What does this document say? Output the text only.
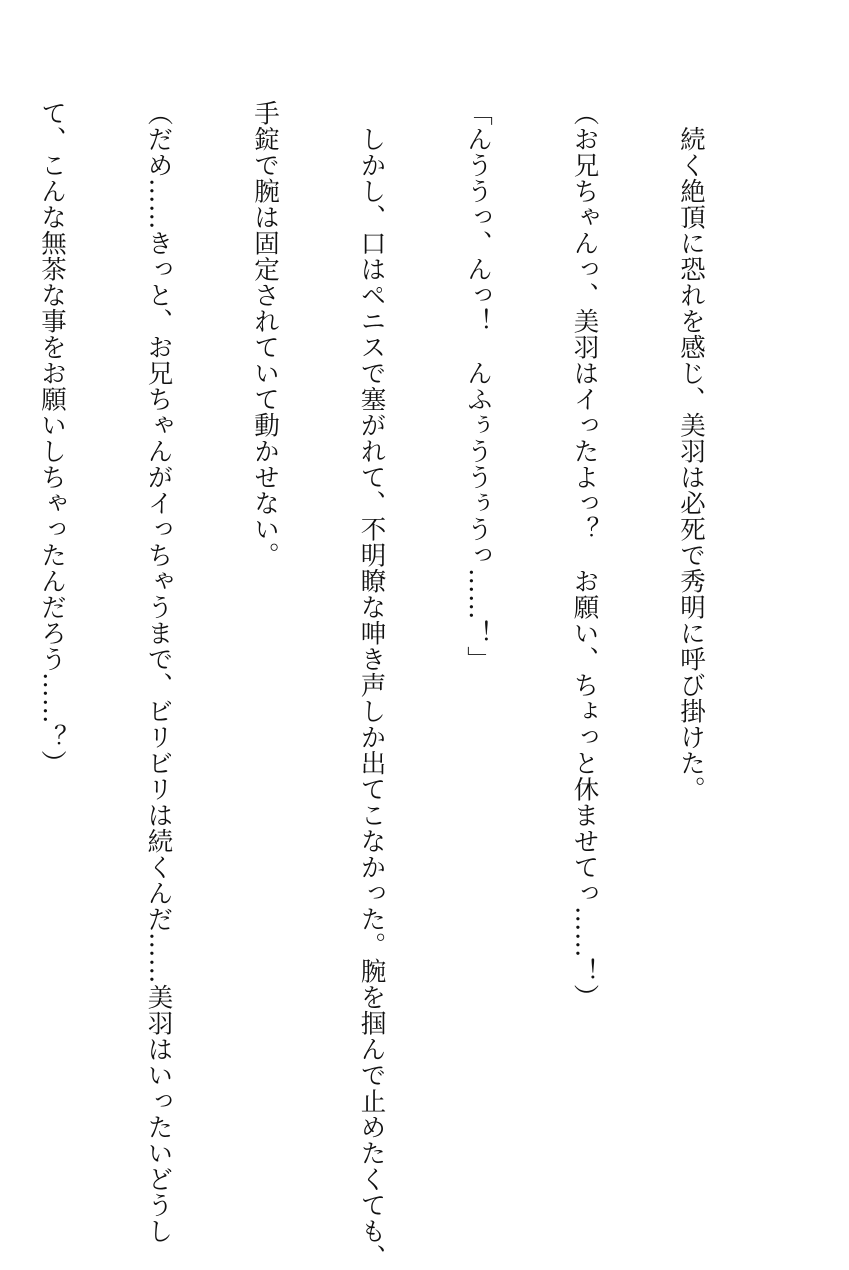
　続く絶頂に恐れを感じ、美羽は必死で秀明に呼び掛けた。

（お兄ちゃんっ、美羽はイったよっ？　お願い、ちょっと休ませてっ……！）

「んううっ、んっ！　んふぅううぅうっ……！」

　しかし、口はペニスで塞がれて、不明瞭な呻き声しか出てこなかった。腕を掴んで止めたくても、

手錠で腕は固定されていて動かせない。

（だめ……きっと、お兄ちゃんがイっちゃうまで、ビリビリは続くんだ……美羽はいったいどうし

て、こんな無茶な事をお願いしちゃったんだろう……？）
